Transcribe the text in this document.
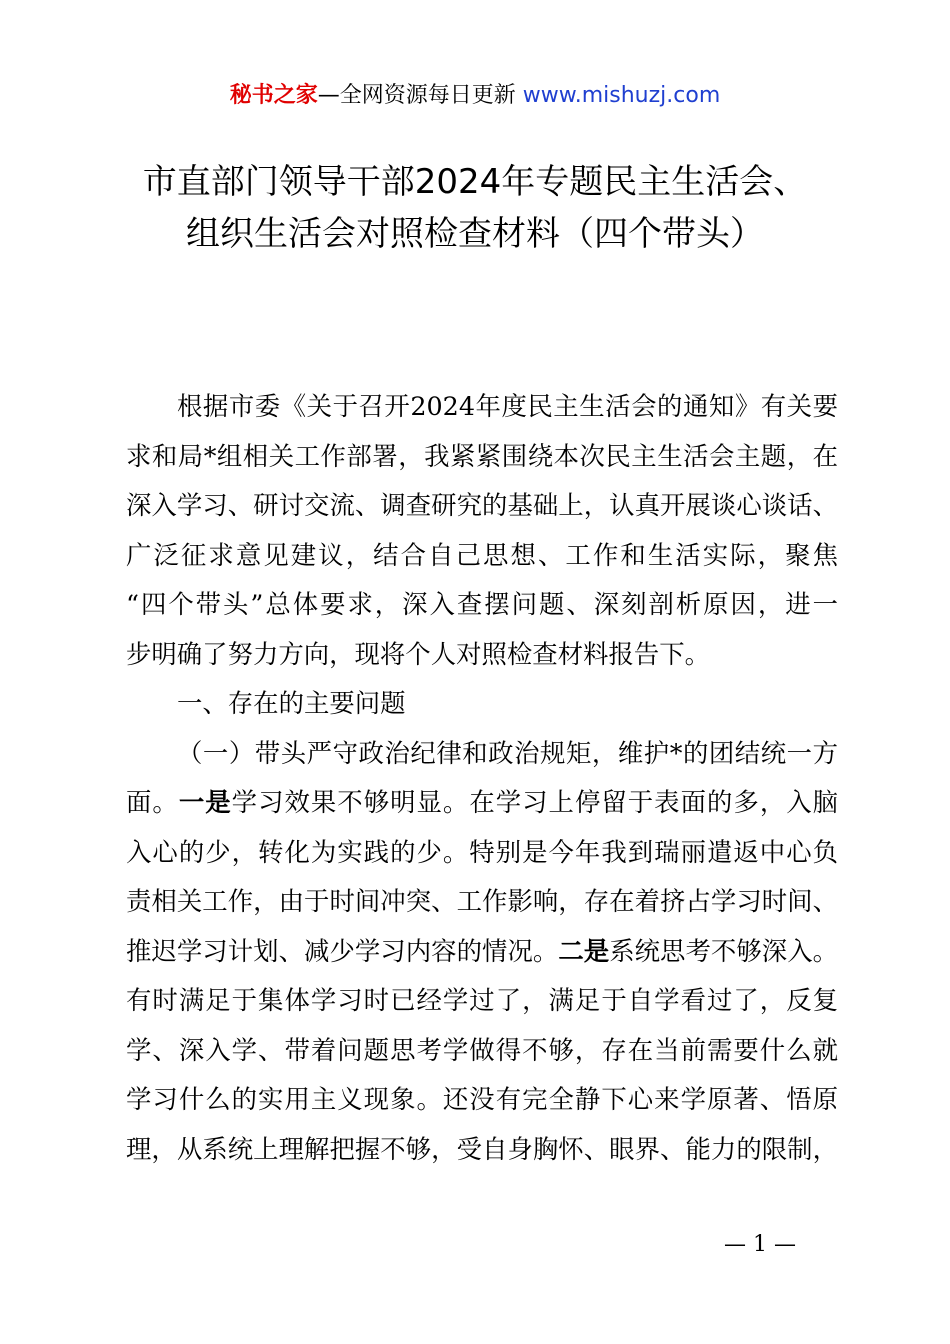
秘书之家—全网资源每日更新 www.mishuzj.com
市直部门领导干部2024年专题民主生活会、
组织生活会对照检查材料（四个带头）
根据市委《关于召开2024年度民主生活会的通知》有关要
求和局*组相关工作部署，我紧紧围绕本次民主生活会主题，在
深入学习、研讨交流、调查研究的基础上，认真开展谈心谈话、
广泛征求意见建议，结合自己思想、工作和生活实际，聚焦
“四个带头”总体要求，深入查摆问题、深刻剖析原因，进一
步明确了努力方向，现将个人对照检查材料报告下。
一、存在的主要问题
（一）带头严守政治纪律和政治规矩，维护*的团结统一方
面。一是学习效果不够明显。在学习上停留于表面的多，入脑
入心的少，转化为实践的少。特别是今年我到瑞丽遣返中心负
责相关工作，由于时间冲突、工作影响，存在着挤占学习时间、
推迟学习计划、减少学习内容的情况。二是系统思考不够深入。
有时满足于集体学习时已经学过了，满足于自学看过了，反复
学、深入学、带着问题思考学做得不够，存在当前需要什么就
学习什么的实用主义现象。还没有完全静下心来学原著、悟原
理，从系统上理解把握不够，受自身胸怀、眼界、能力的限制，
— 1 —
